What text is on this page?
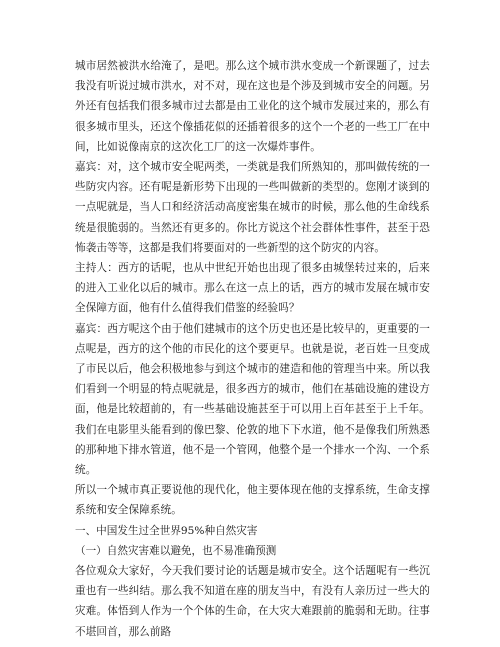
城市居然被洪水给淹了，是吧。那么这个城市洪水变成一个新课题了，过去我没有听说过城市洪水，对不对，现在这也是个涉及到城市安全的问题。另外还有包括我们很多城市过去都是由工业化的这个城市发展过来的，那么有很多城市里头，还这个像插花似的还插着很多的这个一个老的一些工厂在中间，比如说像南京的这次化工厂的这一次爆炸事件。

嘉宾：对，这个城市安全呢两类，一类就是我们所熟知的，那叫做传统的一些防灾内容。还有呢是新形势下出现的一些叫做新的类型的。您刚才谈到的一点呢就是，当人口和经济活动高度密集在城市的时候，那么他的生命线系统是很脆弱的。当然还有更多的。你比方说这个社会群体性事件，甚至于恐怖袭击等等，这都是我们将要面对的一些新型的这个防灾的内容。

主持人：西方的话呢，也从中世纪开始也出现了很多由城堡转过来的，后来的进入工业化以后的城市。那么在这一点上的话，西方的城市发展在城市安全保障方面，他有什么值得我们借鉴的经验吗？

嘉宾：西方呢这个由于他们建城市的这个历史也还是比较早的，更重要的一点呢是，西方的这个他的市民化的这个要更早。也就是说，老百姓一旦变成了市民以后，他会积极地参与到这个城市的建造和他的管理当中来。所以我们看到一个明显的特点呢就是，很多西方的城市，他们在基础设施的建设方面，他是比较超前的，有一些基础设施甚至于可以用上百年甚至于上千年。我们在电影里头能看到的像巴黎、伦敦的地下下水道，他不是像我们所熟悉的那种地下排水管道，他不是一个管网，他整个是一个排水一个沟、一个系统。

所以一个城市真正要说他的现代化，他主要体现在他的支撑系统，生命支撑系统和安全保障系统。

一、中国发生过全世界95%种自然灾害

（一）自然灾害难以避免，也不易准确预测

各位观众大家好，今天我们要讨论的话题是城市安全。这个话题呢有一些沉重也有一些纠结。那么我不知道在座的朋友当中，有没有人亲历过一些大的灾难。体悟到人作为一个个体的生命，在大灾大难跟前的脆弱和无助。往事不堪回首，那么前路
